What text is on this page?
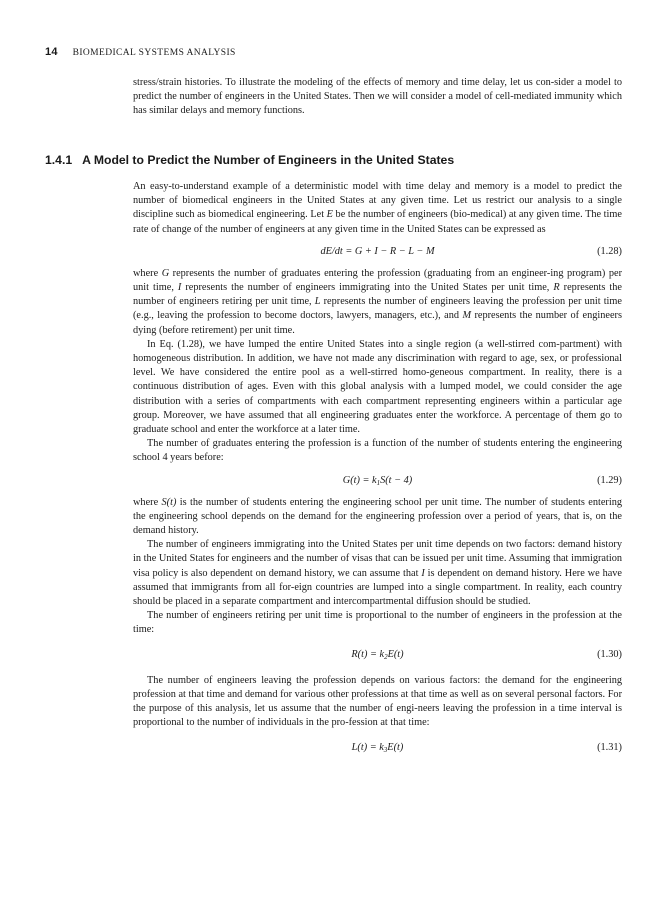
14 BIOMEDICAL SYSTEMS ANALYSIS

stress/strain histories. To illustrate the modeling of the effects of memory and time delay, let us con-sider a model to predict the number of engineers in the United States. Then we will consider a model of cell-mediated immunity which has similar delays and memory functions.

1.4.1 A Model to Predict the Number of Engineers in the United States

An easy-to-understand example of a deterministic model with time delay and memory is a model to predict the number of biomedical engineers in the United States at any given time. Let us restrict our analysis to a single discipline such as biomedical engineering. Let E be the number of engineers (bio-medical) at any given time. The time rate of change of the number of engineers at any given time in the United States can be expressed as

dE/dt = G + I − R − L − M	(1.28)

where G represents the number of graduates entering the profession (graduating from an engineer-ing program) per unit time, I represents the number of engineers immigrating into the United States per unit time, R represents the number of engineers retiring per unit time, L represents the number of engineers leaving the profession per unit time (e.g., leaving the profession to become doctors, lawyers, managers, etc.), and M represents the number of engineers dying (before retirement) per unit time.

In Eq. (1.28), we have lumped the entire United States into a single region (a well-stirred com-partment) with homogeneous distribution. In addition, we have not made any discrimination with regard to age, sex, or professional level. We have considered the entire pool as a well-stirred homo-geneous compartment. In reality, there is a continuous distribution of ages. Even with this global analysis with a lumped model, we could consider the age distribution with a series of compartments with each compartment representing engineers within a particular age group. Moreover, we have assumed that all engineering graduates enter the workforce. A percentage of them go to graduate school and enter the workforce at a later time.

The number of graduates entering the profession is a function of the number of students entering the engineering school 4 years before:

$G(t) = k_1S(t - 4)$	(1.29)

where S(t) is the number of students entering the engineering school per unit time. The number of students entering the engineering school depends on the demand for the engineering profession over a period of years, that is, on the demand history.

The number of engineers immigrating into the United States per unit time depends on two factors: demand history in the United States for engineers and the number of visas that can be issued per unit time. Assuming that immigration visa policy is also dependent on demand history, we can assume that I is dependent on demand history. Here we have assumed that immigrants from all for-eign countries are lumped into a single compartment. In reality, each country should be placed in a separate compartment and intercompartmental diffusion should be studied.

The number of engineers retiring per unit time is proportional to the number of engineers in the profession at the time:

$R(t) = k_2E(t)$	(1.30)

The number of engineers leaving the profession depends on various factors: the demand for the engineering profession at that time and demand for various other professions at that time as well as on several personal factors. For the purpose of this analysis, let us assume that the number of engi-neers leaving the profession in a time interval is proportional to the number of individuals in the pro-fession at that time:

$L(t) = k_3E(t)$	(1.31)
